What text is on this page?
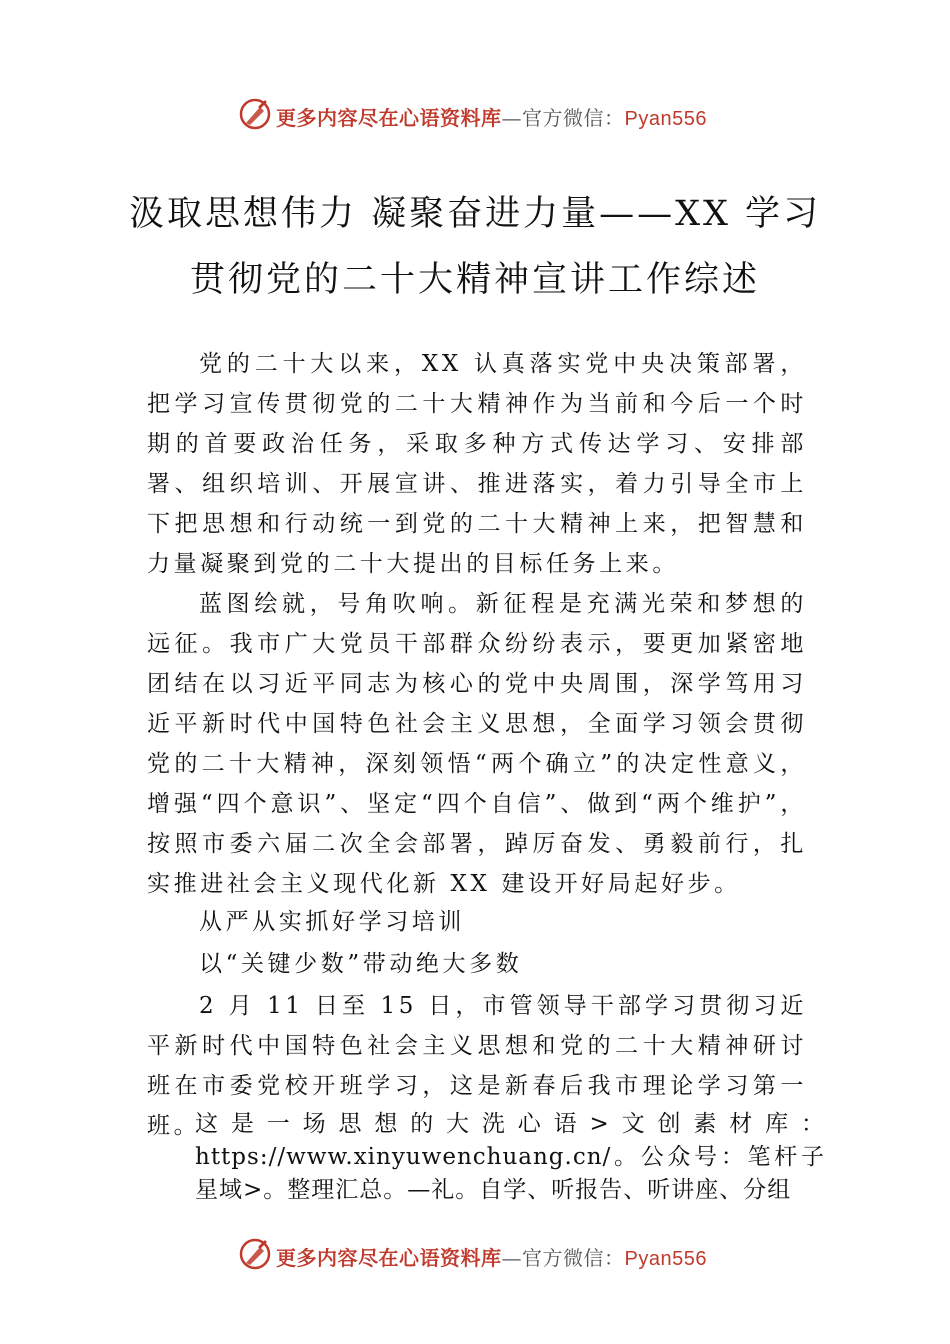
更多内容尽在心语资料库—官方微信：Pyan556
汲取思想伟力 凝聚奋进力量——XX 学习
贯彻党的二十大精神宣讲工作综述

党的二十大以来，XX 认真落实党中央决策部署，把学习宣传贯彻党的二十大精神作为当前和今后一个时期的首要政治任务，采取多种方式传达学习、安排部署、组织培训、开展宣讲、推进落实，着力引导全市上下把思想和行动统一到党的二十大精神上来，把智慧和力量凝聚到党的二十大提出的目标任务上来。

蓝图绘就，号角吹响。新征程是充满光荣和梦想的远征。我市广大党员干部群众纷纷表示，要更加紧密地团结在以习近平同志为核心的党中央周围，深学笃用习近平新时代中国特色社会主义思想，全面学习领会贯彻党的二十大精神，深刻领悟“两个确立”的决定性意义，增强“四个意识”、坚定“四个自信”、做到“两个维护”，按照市委六届二次全会部署，踔厉奋发、勇毅前行，扎实推进社会主义现代化新 XX 建设开好局起好步。

从严从实抓好学习培训

以“关键少数”带动绝大多数

2 月 11 日至 15 日，市管领导干部学习贯彻习近平新时代中国特色社会主义思想和党的二十大精神研讨班在市委党校开班学习，这是新春后我市理论学习第一班。

这是一场思想的大洗心语>文创素材库：https://www.xinyuwenchuang.cn/。公众号：笔杆子星域>。整理汇总。—礼。自学、听报告、听讲座、分组

更多内容尽在心语资料库—官方微信：Pyan556
